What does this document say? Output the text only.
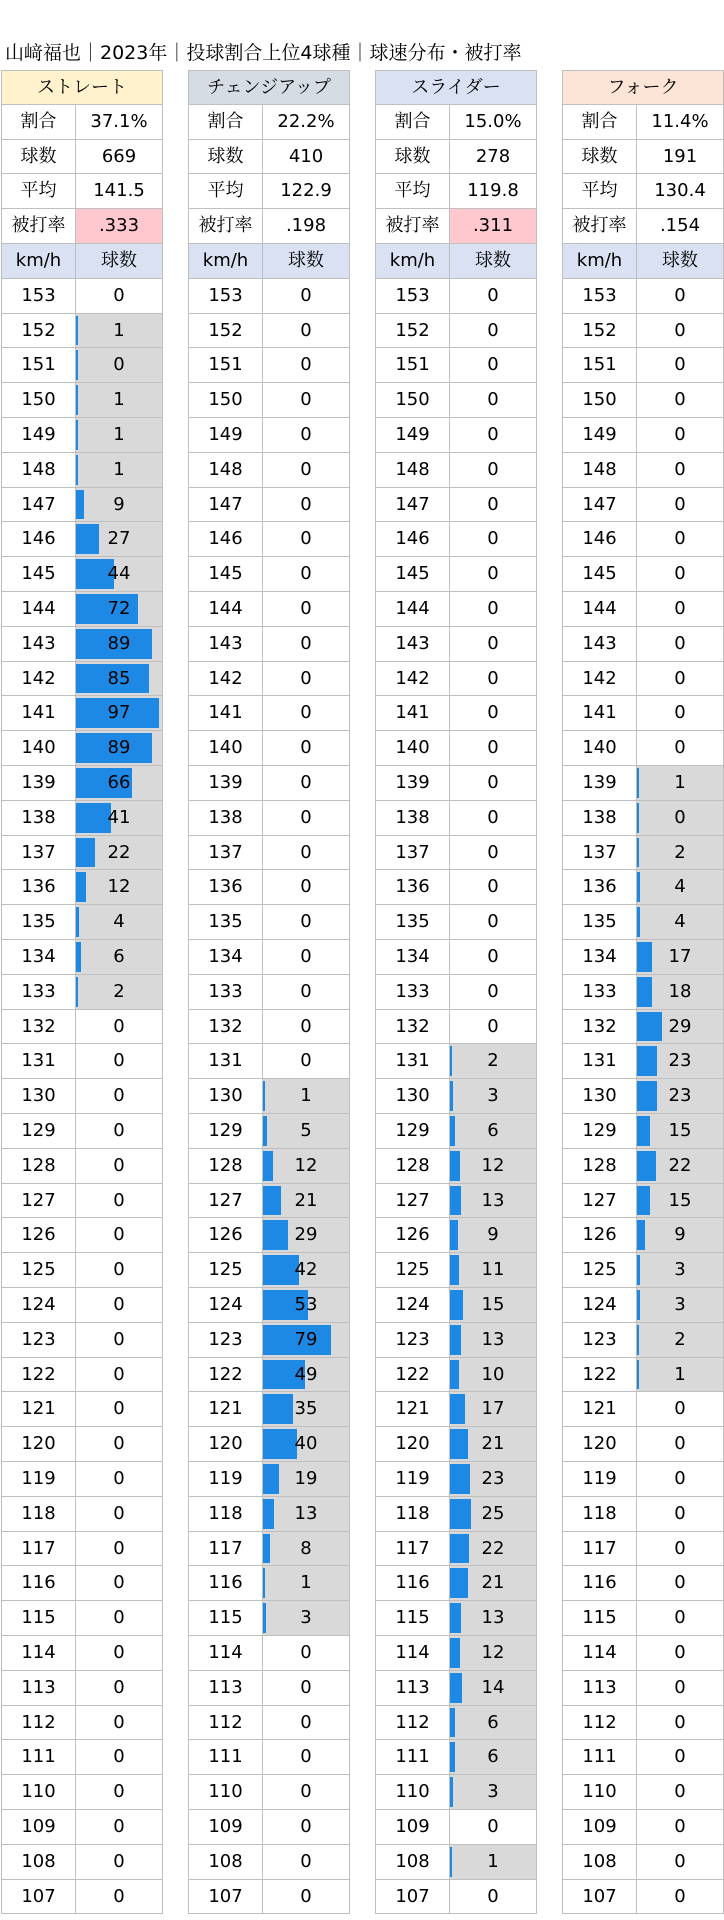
山﨑福也｜2023年｜投球割合上位4球種｜球速分布・被打率
ストレート
割合	37.1%
球数	669
平均	141.5
被打率	.333
km/h	球数
153	0
152	1
151	0
150	1
149	1
148	1
147	9
146	27
145	44
144	72
143	89
142	85
141	97
140	89
139	66
138	41
137	22
136	12
135	4
134	6
133	2
132	0
131	0
130	0
129	0
128	0
127	0
126	0
125	0
124	0
123	0
122	0
121	0
120	0
119	0
118	0
117	0
116	0
115	0
114	0
113	0
112	0
111	0
110	0
109	0
108	0
107	0
チェンジアップ
割合	22.2%
球数	410
平均	122.9
被打率	.198
km/h	球数
153	0
152	0
151	0
150	0
149	0
148	0
147	0
146	0
145	0
144	0
143	0
142	0
141	0
140	0
139	0
138	0
137	0
136	0
135	0
134	0
133	0
132	0
131	0
130	1
129	5
128	12
127	21
126	29
125	42
124	53
123	79
122	49
121	35
120	40
119	19
118	13
117	8
116	1
115	3
114	0
113	0
112	0
111	0
110	0
109	0
108	0
107	0
スライダー
割合	15.0%
球数	278
平均	119.8
被打率	.311
km/h	球数
153	0
152	0
151	0
150	0
149	0
148	0
147	0
146	0
145	0
144	0
143	0
142	0
141	0
140	0
139	0
138	0
137	0
136	0
135	0
134	0
133	0
132	0
131	2
130	3
129	6
128	12
127	13
126	9
125	11
124	15
123	13
122	10
121	17
120	21
119	23
118	25
117	22
116	21
115	13
114	12
113	14
112	6
111	6
110	3
109	0
108	1
107	0
フォーク
割合	11.4%
球数	191
平均	130.4
被打率	.154
km/h	球数
153	0
152	0
151	0
150	0
149	0
148	0
147	0
146	0
145	0
144	0
143	0
142	0
141	0
140	0
139	1
138	0
137	2
136	4
135	4
134	17
133	18
132	29
131	23
130	23
129	15
128	22
127	15
126	9
125	3
124	3
123	2
122	1
121	0
120	0
119	0
118	0
117	0
116	0
115	0
114	0
113	0
112	0
111	0
110	0
109	0
108	0
107	0
